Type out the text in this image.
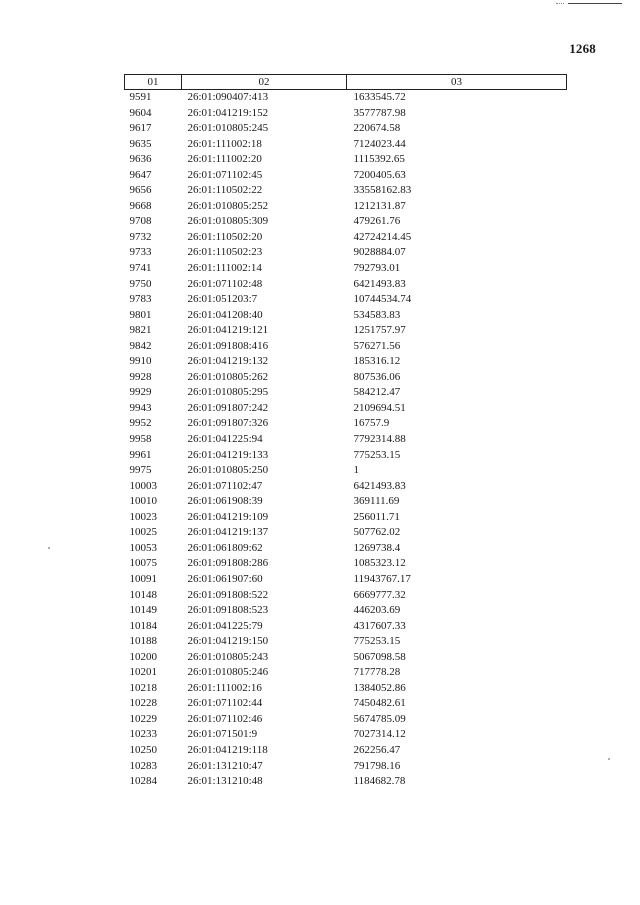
1268
01	02	03
9591	26:01:090407:413	1633545.72
9604	26:01:041219:152	3577787.98
9617	26:01:010805:245	220674.58
9635	26:01:111002:18	7124023.44
9636	26:01:111002:20	1115392.65
9647	26:01:071102:45	7200405.63
9656	26:01:110502:22	33558162.83
9668	26:01:010805:252	1212131.87
9708	26:01:010805:309	479261.76
9732	26:01:110502:20	42724214.45
9733	26:01:110502:23	9028884.07
9741	26:01:111002:14	792793.01
9750	26:01:071102:48	6421493.83
9783	26:01:051203:7	10744534.74
9801	26:01:041208:40	534583.83
9821	26:01:041219:121	1251757.97
9842	26:01:091808:416	576271.56
9910	26:01:041219:132	185316.12
9928	26:01:010805:262	807536.06
9929	26:01:010805:295	584212.47
9943	26:01:091807:242	2109694.51
9952	26:01:091807:326	16757.9
9958	26:01:041225:94	7792314.88
9961	26:01:041219:133	775253.15
9975	26:01:010805:250	1
10003	26:01:071102:47	6421493.83
10010	26:01:061908:39	369111.69
10023	26:01:041219:109	256011.71
10025	26:01:041219:137	507762.02
10053	26:01:061809:62	1269738.4
10075	26:01:091808:286	1085323.12
10091	26:01:061907:60	11943767.17
10148	26:01:091808:522	6669777.32
10149	26:01:091808:523	446203.69
10184	26:01:041225:79	4317607.33
10188	26:01:041219:150	775253.15
10200	26:01:010805:243	5067098.58
10201	26:01:010805:246	717778.28
10218	26:01:111002:16	1384052.86
10228	26:01:071102:44	7450482.61
10229	26:01:071102:46	5674785.09
10233	26:01:071501:9	7027314.12
10250	26:01:041219:118	262256.47
10283	26:01:131210:47	791798.16
10284	26:01:131210:48	1184682.78
